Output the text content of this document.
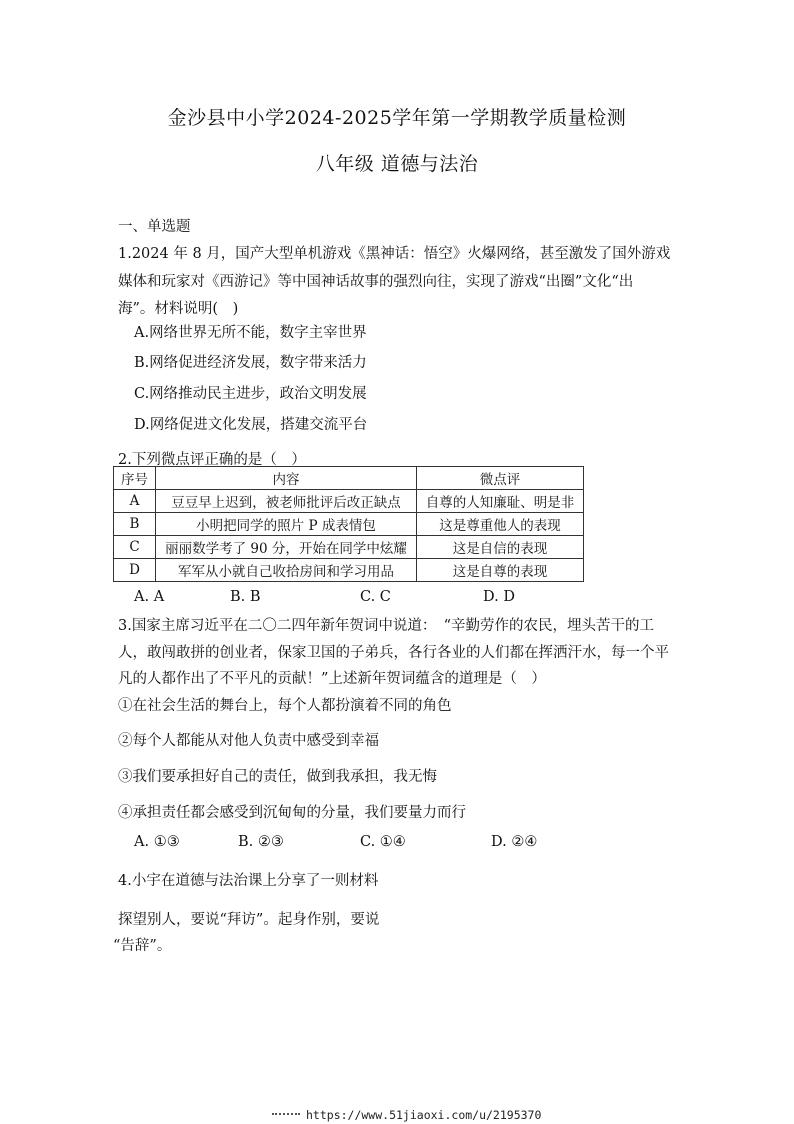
金沙县中小学2024-2025学年第一学期教学质量检测
八年级 道德与法治
一、单选题
1.2024 年 8 月，国产大型单机游戏《黑神话：悟空》火爆网络，甚至激发了国外游戏
媒体和玩家对《西游记》等中国神话故事的强烈向往，实现了游戏“出圈”文化“出
海”。材料说明(　)
A.网络世界无所不能，数字主宰世界
B.网络促进经济发展，数字带来活力
C.网络推动民主进步，政治文明发展
D.网络促进文化发展，搭建交流平台
2.下列微点评正确的是（　）
序号	内容	微点评
A	豆豆早上迟到，被老师批评后改正缺点	自尊的人知廉耻、明是非
B	小明把同学的照片 P 成表情包	这是尊重他人的表现
C	丽丽数学考了 90 分，开始在同学中炫耀	这是自信的表现
D	军军从小就自己收拾房间和学习用品	这是自尊的表现
A. A	B. B	C. C	D. D
3.国家主席习近平在二〇二四年新年贺词中说道：　“辛勤劳作的农民，埋头苦干的工
人，敢闯敢拼的创业者，保家卫国的子弟兵，各行各业的人们都在挥洒汗水，每一个平
凡的人都作出了不平凡的贡献！”上述新年贺词蕴含的道理是（　）
①在社会生活的舞台上，每个人都扮演着不同的角色
②每个人都能从对他人负责中感受到幸福
③我们要承担好自己的责任，做到我承担，我无悔
④承担责任都会感受到沉甸甸的分量，我们要量力而行
A. ①③	B. ②③	C. ①④	D. ②④
4.小宇在道德与法治课上分享了一则材料
探望别人，要说“拜访”。起身作别，要说
“告辞”。
https://www.51jiaoxi.com/u/2195370
